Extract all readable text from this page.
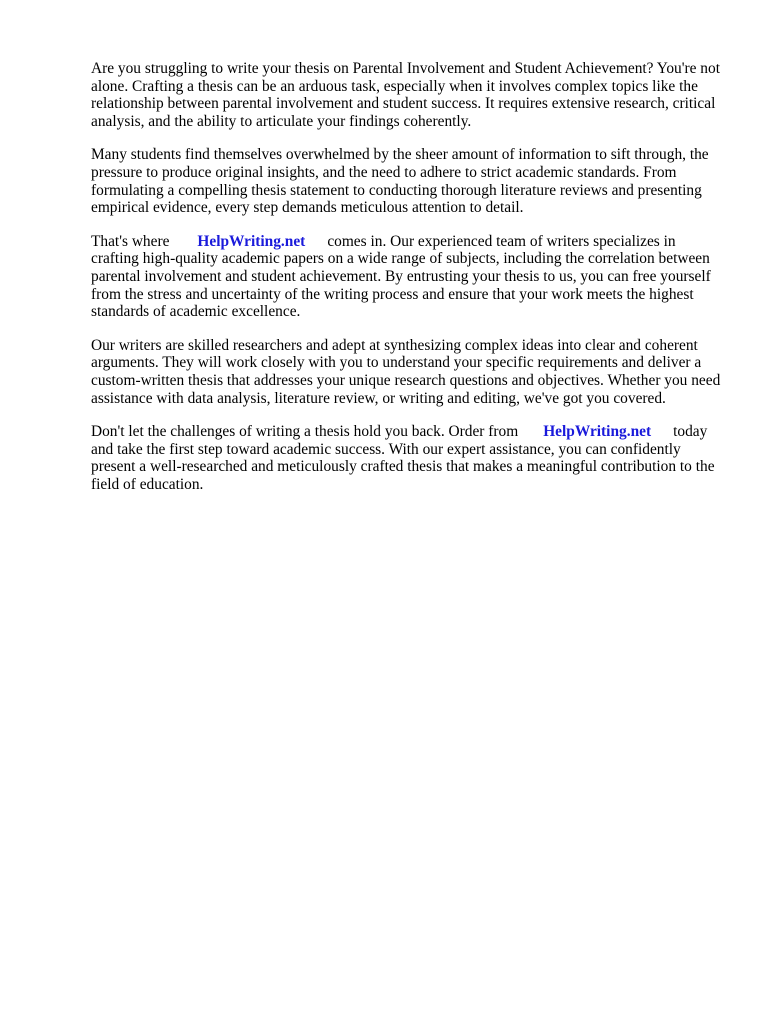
Are you struggling to write your thesis on Parental Involvement and Student Achievement? You're not alone. Crafting a thesis can be an arduous task, especially when it involves complex topics like the relationship between parental involvement and student success. It requires extensive research, critical analysis, and the ability to articulate your findings coherently.

Many students find themselves overwhelmed by the sheer amount of information to sift through, the pressure to produce original insights, and the need to adhere to strict academic standards. From formulating a compelling thesis statement to conducting thorough literature reviews and presenting empirical evidence, every step demands meticulous attention to detail.

That's where HelpWriting.net comes in. Our experienced team of writers specializes in crafting high-quality academic papers on a wide range of subjects, including the correlation between parental involvement and student achievement. By entrusting your thesis to us, you can free yourself from the stress and uncertainty of the writing process and ensure that your work meets the highest standards of academic excellence.

Our writers are skilled researchers and adept at synthesizing complex ideas into clear and coherent arguments. They will work closely with you to understand your specific requirements and deliver a custom-written thesis that addresses your unique research questions and objectives. Whether you need assistance with data analysis, literature review, or writing and editing, we've got you covered.

Don't let the challenges of writing a thesis hold you back. Order from HelpWriting.net today and take the first step toward academic success. With our expert assistance, you can confidently present a well-researched and meticulously crafted thesis that makes a meaningful contribution to the field of education.
